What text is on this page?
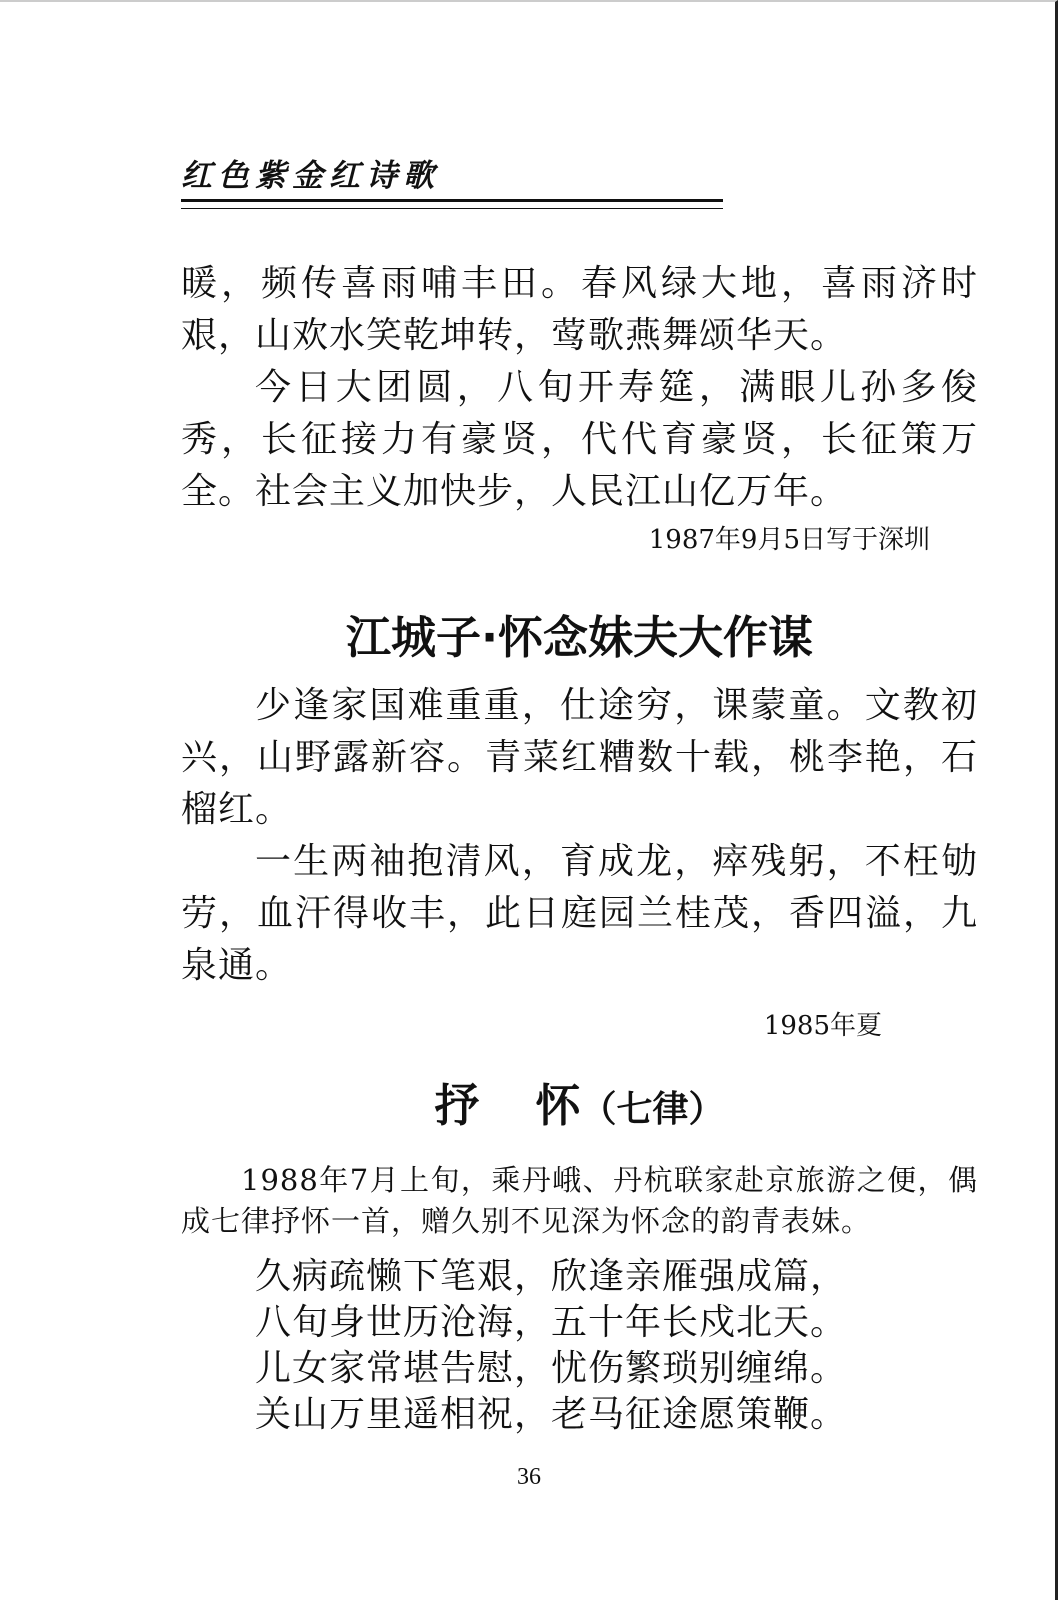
红色紫金红诗歌

暖，频传喜雨哺丰田。春风绿大地，喜雨济时艰，山欢水笑乾坤转，莺歌燕舞颂华天。

今日大团圆，八旬开寿筵，满眼儿孙多俊秀，长征接力有豪贤，代代育豪贤，长征策万全。社会主义加快步，人民江山亿万年。

1987年9月5日写于深圳

江城子·怀念妹夫大作谋

少逢家国难重重，仕途穷，课蒙童。文教初兴，山野露新容。青菜红糟数十载，桃李艳，石榴红。

一生两袖抱清风，育成龙，瘁残躬，不枉劬劳，血汗得收丰，此日庭园兰桂茂，香四溢，九泉通。

1985年夏

抒 怀（七律）

1988年7月上旬，乘丹峨、丹杭联家赴京旅游之便，偶成七律抒怀一首，赠久别不见深为怀念的韵青表妹。

久病疏懒下笔艰，欣逢亲雁强成篇，

八旬身世历沧海，五十年长戍北天。

儿女家常堪告慰，忧伤繁琐别缠绵。

关山万里遥相祝，老马征途愿策鞭。

36
